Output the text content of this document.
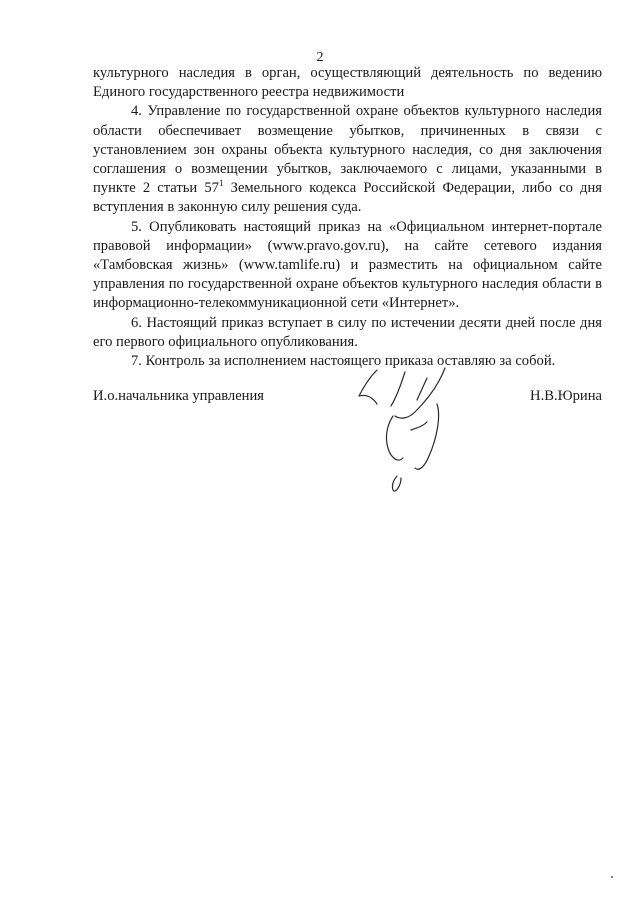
2

культурного наследия в орган, осуществляющий деятельность по ведению Единого государственного реестра недвижимости

4. Управление по государственной охране объектов культурного наследия области обеспечивает возмещение убытков, причиненных в связи с установлением зон охраны объекта культурного наследия, со дня заключения соглашения о возмещении убытков, заключаемого с лицами, указанными в пункте 2 статьи $57^1$ Земельного кодекса Российской Федерации, либо со дня вступления в законную силу решения суда.

5. Опубликовать настоящий приказ на «Официальном интернет-портале правовой информации» (www.pravo.gov.ru), на сайте сетевого издания «Тамбовская жизнь» (www.tamlife.ru) и разместить на официальном сайте управления по государственной охране объектов культурного наследия области в информационно-телекоммуникационной сети «Интернет».

6. Настоящий приказ вступает в силу по истечении десяти дней после дня его первого официального опубликования.

7. Контроль за исполнением настоящего приказа оставляю за собой.

И.о.начальника управления	Н.В.Юрина
